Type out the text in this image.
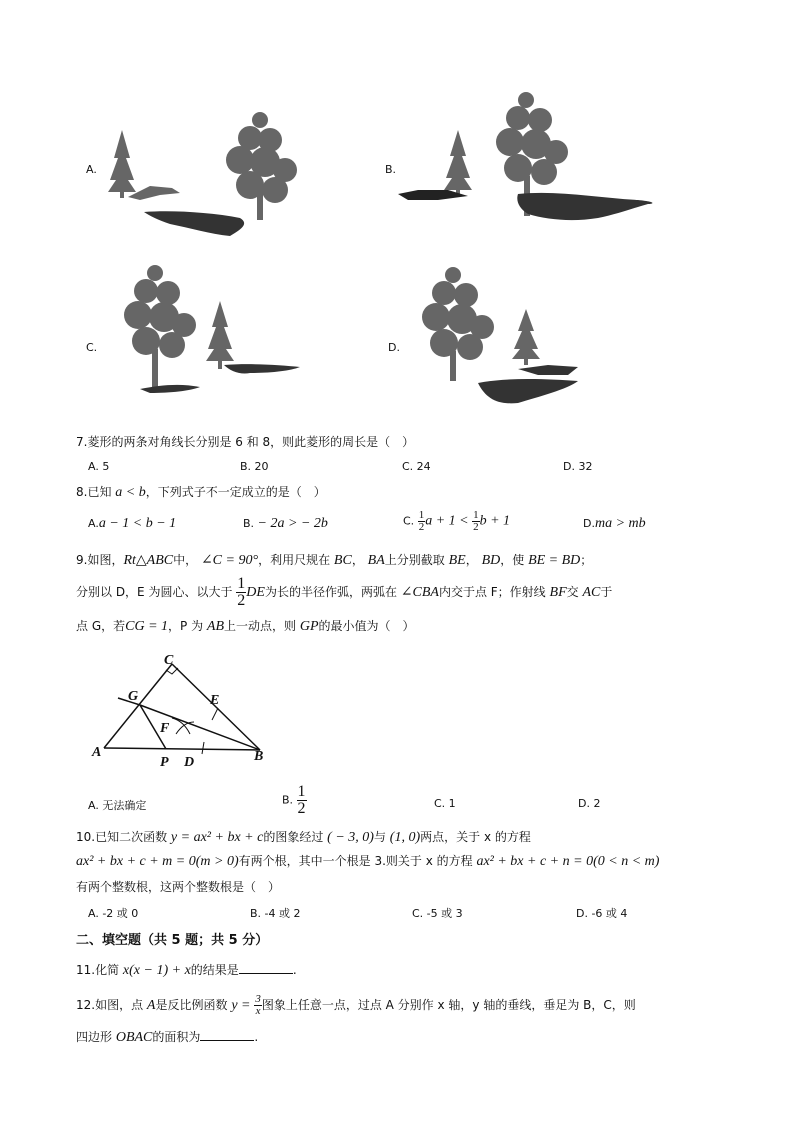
A.	B.
C.	D.
7.菱形的两条对角线长分别是 6 和 8，则此菱形的周长是（　）
A. 5	B. 20	C. 24	D. 32
8.已知 a < b，下列式子不一定成立的是（　）
A.a − 1 < b − 1	B. − 2a > − 2b	C. $\frac{1}{2}$ $a + 1 < \frac{1}{2}$ b + 1	D.ma > mb
9.如图，Rt△ABC中， ∠C = 90°，利用尺规在 BC， BA上分别截取 BE， BD，使 BE = BD；
分别以 D，E 为圆心、以大于 $\frac{1}{2}$ DE为长的半径作弧，两弧在 ∠CBA内交于点 F；作射线 BF交 AC于
点 G，若CG = 1，P 为 AB上一动点，则 GP的最小值为（　）
C
G	E
F
A
P D	B
A. 无法确定	B. $\frac{1}{2}$	C. 1	D. 2
10.已知二次函数 y = ax² + bx + c的图象经过 ( − 3, 0)与 (1, 0)两点，关于 x 的方程
ax² + bx + c + m = 0(m > 0)有两个根，其中一个根是 3.则关于 x 的方程 ax² + bx + c + n = 0(0 < n < m)
有两个整数根，这两个整数根是（　）
A. -2 或 0	B. -4 或 2	C. -5 或 3	D. -6 或 4
二、填空题（共 5 题；共 5 分）
11.化简 x(x − 1) + x的结果是	.
12.如图，点 A是反比例函数 $y = \frac{3}{x}$ 图象上任意一点，过点 A 分别作 x 轴，y 轴的垂线，垂足为 B，C，则
四边形 OBAC的面积为	.
